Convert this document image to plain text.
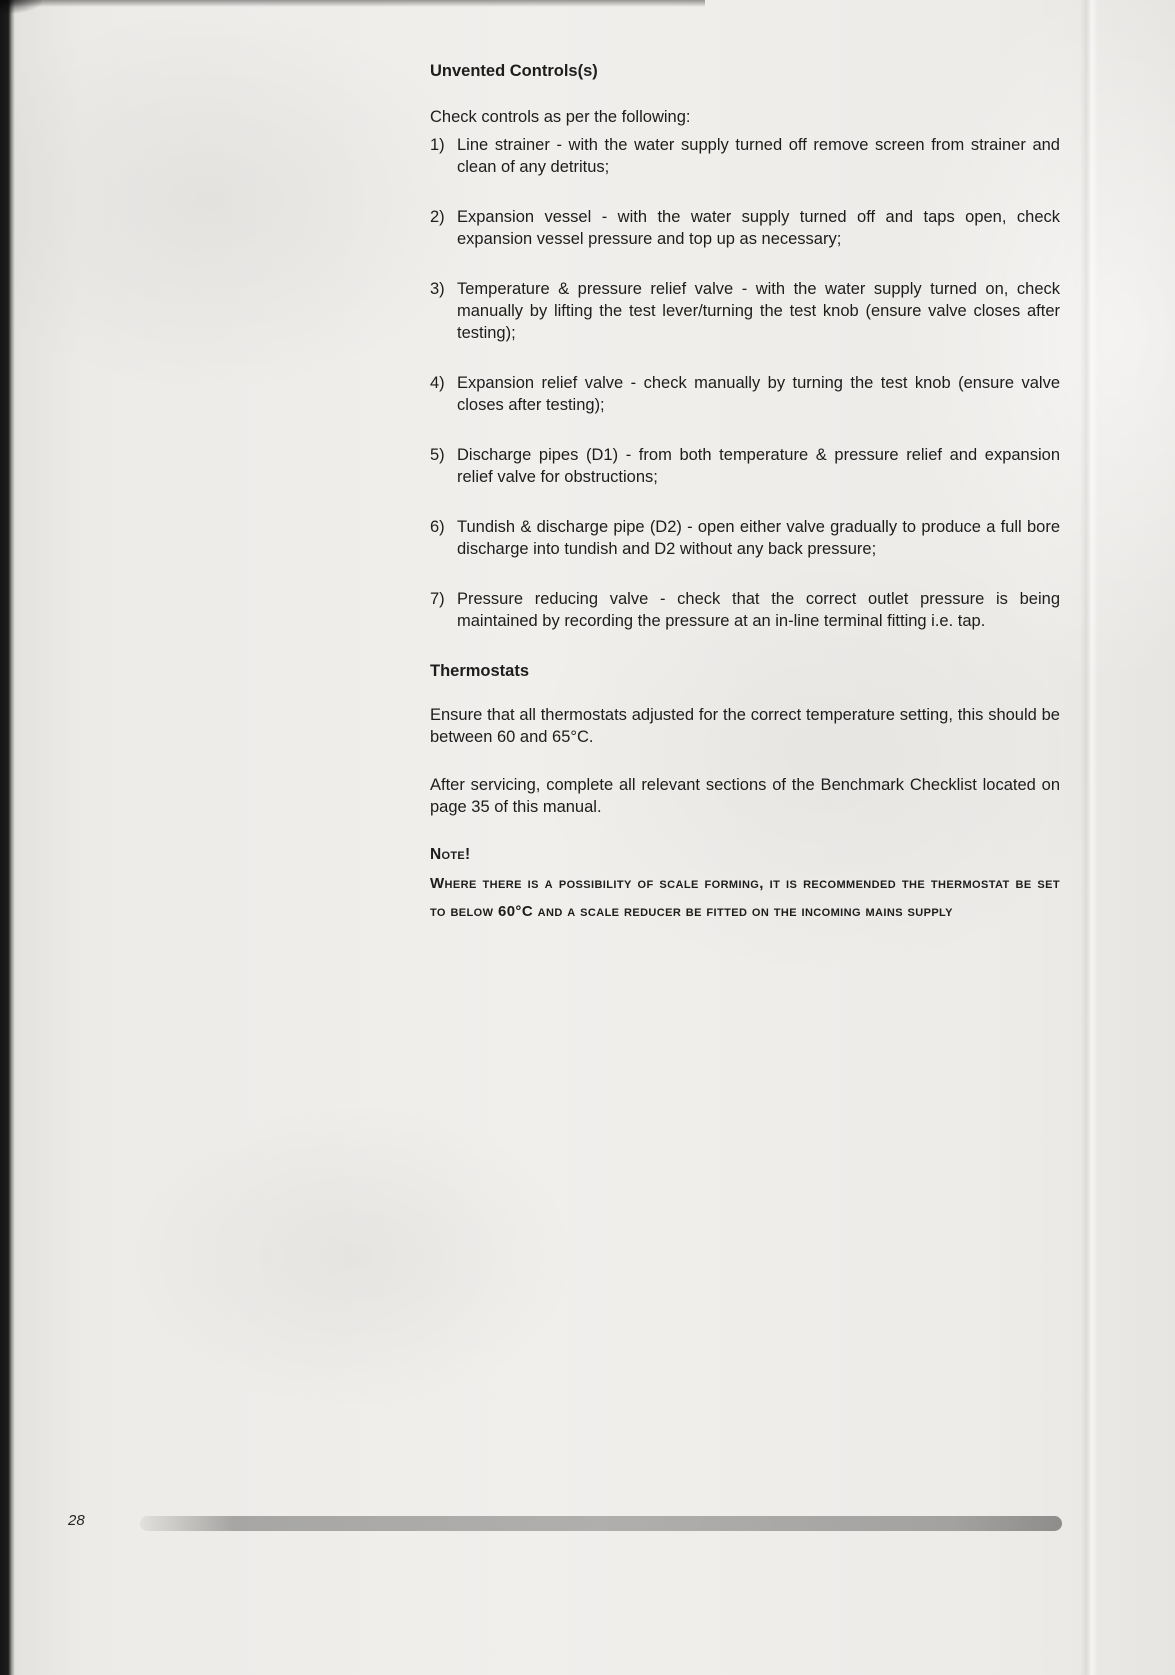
Unvented Controls(s)
Check controls as per the following:
1) Line strainer - with the water supply turned off remove screen from strainer and clean of any detritus;
2) Expansion vessel - with the water supply turned off and taps open, check expansion vessel pressure and top up as necessary;
3) Temperature & pressure relief valve - with the water supply turned on, check manually by lifting the test lever/turning the test knob (ensure valve closes after testing);
4) Expansion relief valve - check manually by turning the test knob (ensure valve closes after testing);
5) Discharge pipes (D1) - from both temperature & pressure relief and expansion relief valve for obstructions;
6) Tundish & discharge pipe (D2) - open either valve gradually to produce a full bore discharge into tundish and D2 without any back pressure;
7) Pressure reducing valve - check that the correct outlet pressure is being maintained by recording the pressure at an in-line terminal fitting i.e. tap.
Thermostats
Ensure that all thermostats adjusted for the correct temperature setting, this should be between 60 and 65°C.
After servicing, complete all relevant sections of the Benchmark Checklist located on page 35 of this manual.
Note!
Where there is a possibility of scale forming, it is recommended the thermostat be set to below 60°C and a scale reducer be fitted on the incoming mains supply
28
